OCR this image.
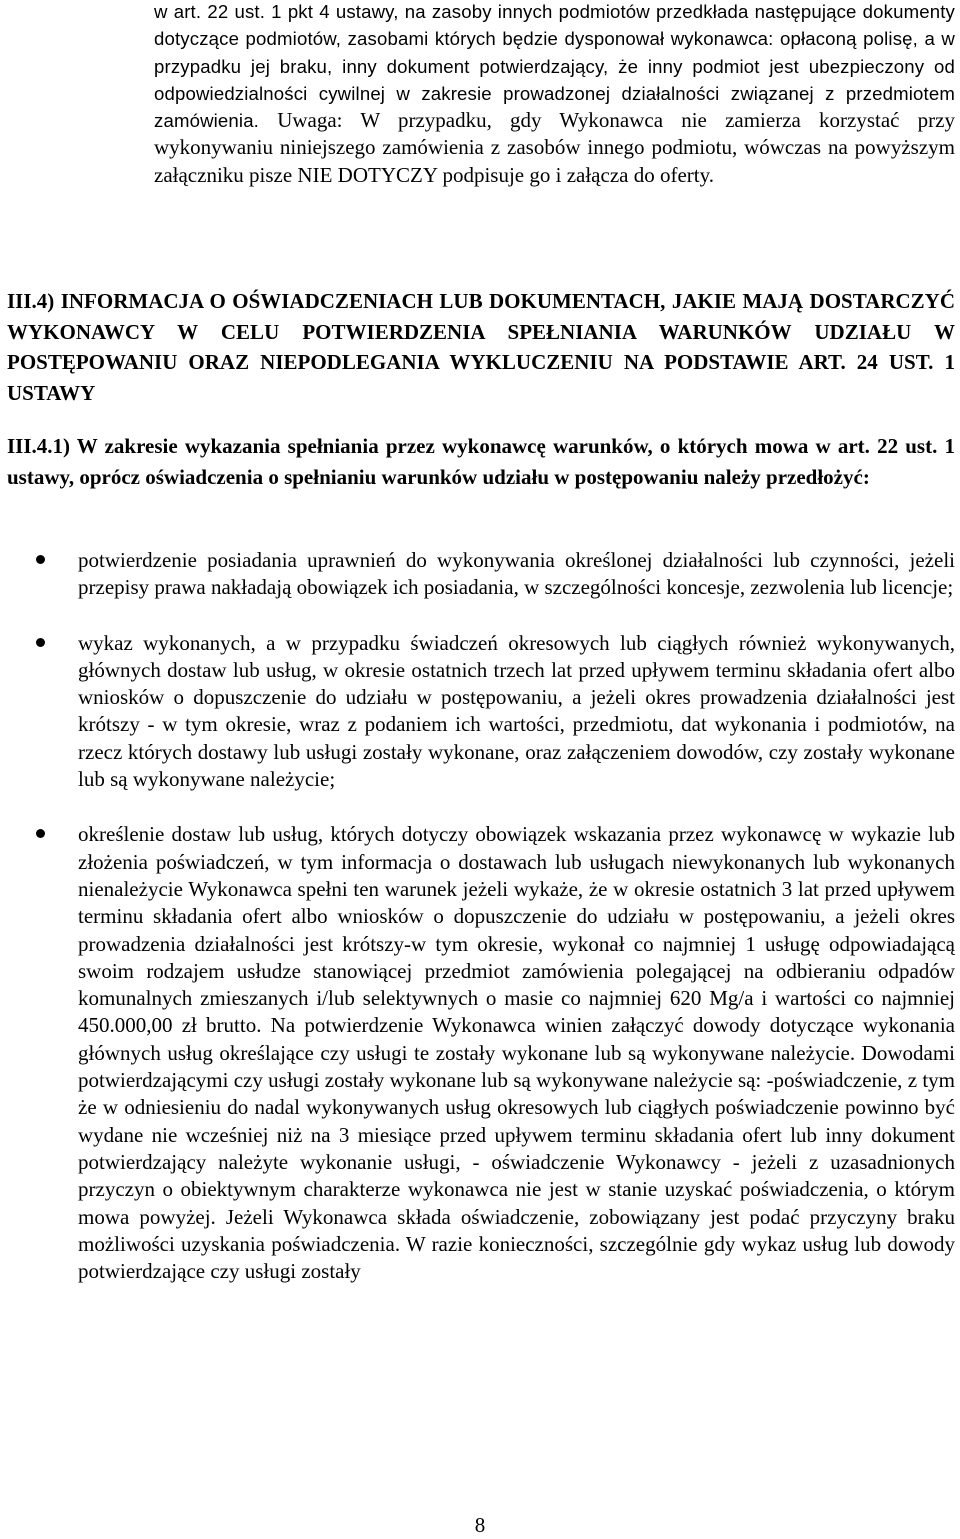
w art. 22 ust. 1 pkt 4 ustawy, na zasoby innych podmiotów przedkłada następujące dokumenty dotyczące podmiotów, zasobami których będzie dysponował wykonawca: opłaconą polisę, a w przypadku jej braku, inny dokument potwierdzający, że inny podmiot jest ubezpieczony od odpowiedzialności cywilnej w zakresie prowadzonej działalności związanej z przedmiotem zamówienia. Uwaga: W przypadku, gdy Wykonawca nie zamierza korzystać przy wykonywaniu niniejszego zamówienia z zasobów innego podmiotu, wówczas na powyższym załączniku pisze NIE DOTYCZY podpisuje go i załącza do oferty.
III.4) INFORMACJA O OŚWIADCZENIACH LUB DOKUMENTACH, JAKIE MAJĄ DOSTARCZYĆ WYKONAWCY W CELU POTWIERDZENIA SPEŁNIANIA WARUNKÓW UDZIAŁU W POSTĘPOWANIU ORAZ NIEPODLEGANIA WYKLUCZENIU NA PODSTAWIE ART. 24 UST. 1 USTAWY
III.4.1) W zakresie wykazania spełniania przez wykonawcę warunków, o których mowa w art. 22 ust. 1 ustawy, oprócz oświadczenia o spełnianiu warunków udziału w postępowaniu należy przedłożyć:
potwierdzenie posiadania uprawnień do wykonywania określonej działalności lub czynności, jeżeli przepisy prawa nakładają obowiązek ich posiadania, w szczególności koncesje, zezwolenia lub licencje;
wykaz wykonanych, a w przypadku świadczeń okresowych lub ciągłych również wykonywanych, głównych dostaw lub usług, w okresie ostatnich trzech lat przed upływem terminu składania ofert albo wniosków o dopuszczenie do udziału w postępowaniu, a jeżeli okres prowadzenia działalności jest krótszy - w tym okresie, wraz z podaniem ich wartości, przedmiotu, dat wykonania i podmiotów, na rzecz których dostawy lub usługi zostały wykonane, oraz załączeniem dowodów, czy zostały wykonane lub są wykonywane należycie;
określenie dostaw lub usług, których dotyczy obowiązek wskazania przez wykonawcę w wykazie lub złożenia poświadczeń, w tym informacja o dostawach lub usługach niewykonanych lub wykonanych nienależycie Wykonawca spełni ten warunek jeżeli wykaże, że w okresie ostatnich 3 lat przed upływem terminu składania ofert albo wniosków o dopuszczenie do udziału w postępowaniu, a jeżeli okres prowadzenia działalności jest krótszy-w tym okresie, wykonał co najmniej 1 usługę odpowiadającą swoim rodzajem usłudze stanowiącej przedmiot zamówienia polegającej na odbieraniu odpadów komunalnych zmieszanych i/lub selektywnych o masie co najmniej 620 Mg/a i wartości co najmniej 450.000,00 zł brutto. Na potwierdzenie Wykonawca winien załączyć dowody dotyczące wykonania głównych usług określające czy usługi te zostały wykonane lub są wykonywane należycie. Dowodami potwierdzającymi czy usługi zostały wykonane lub są wykonywane należycie są: -poświadczenie, z tym że w odniesieniu do nadal wykonywanych usług okresowych lub ciągłych poświadczenie powinno być wydane nie wcześniej niż na 3 miesiące przed upływem terminu składania ofert lub inny dokument potwierdzający należyte wykonanie usługi, - oświadczenie Wykonawcy - jeżeli z uzasadnionych przyczyn o obiektywnym charakterze wykonawca nie jest w stanie uzyskać poświadczenia, o którym mowa powyżej. Jeżeli Wykonawca składa oświadczenie, zobowiązany jest podać przyczyny braku możliwości uzyskania poświadczenia. W razie konieczności, szczególnie gdy wykaz usług lub dowody potwierdzające czy usługi zostały
8
